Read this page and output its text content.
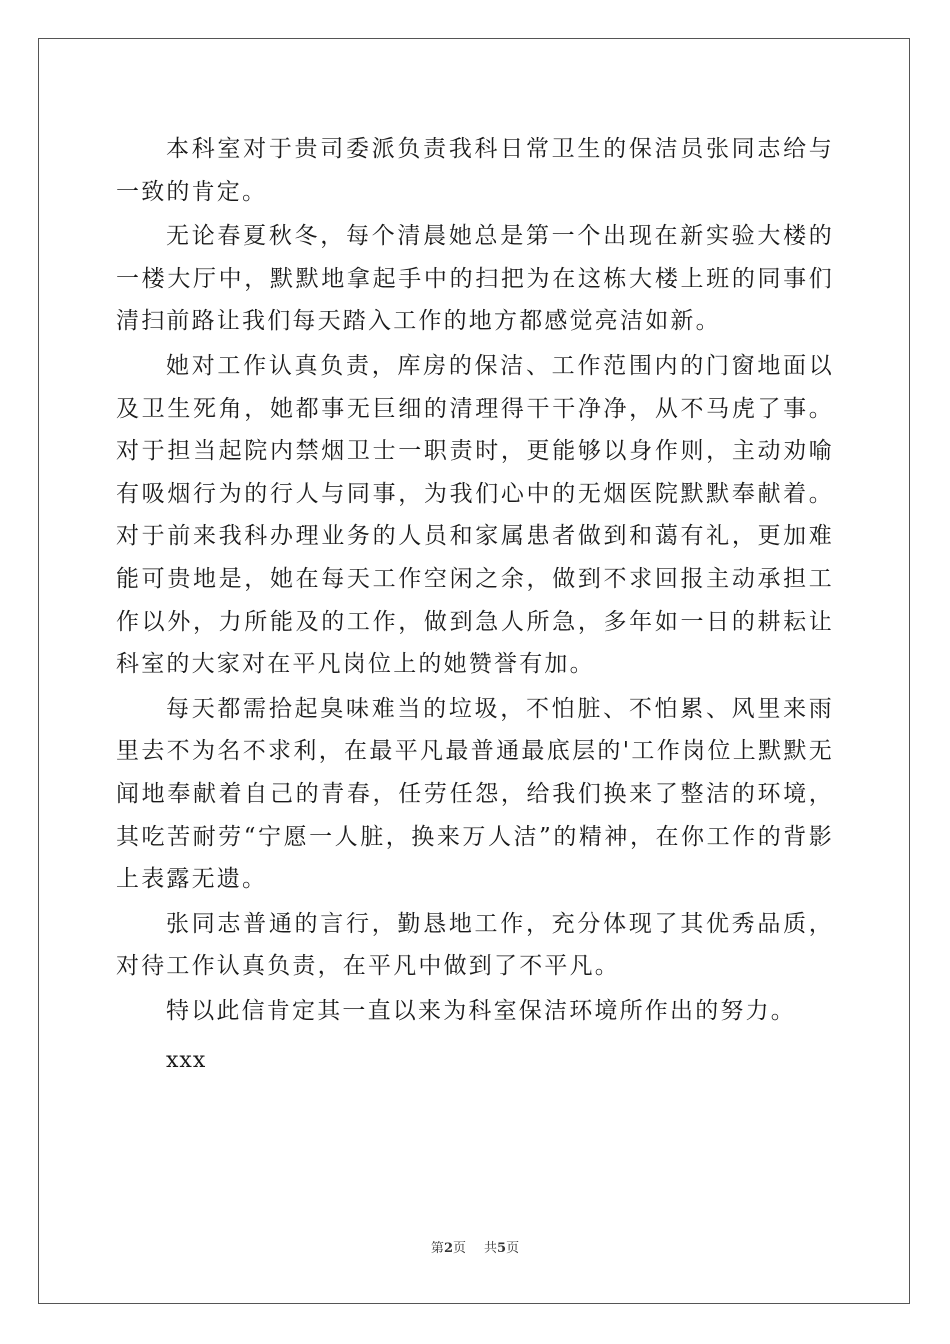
本科室对于贵司委派负责我科日常卫生的保洁员张同志给与一致的肯定。

无论春夏秋冬，每个清晨她总是第一个出现在新实验大楼的一楼大厅中，默默地拿起手中的扫把为在这栋大楼上班的同事们清扫前路让我们每天踏入工作的地方都感觉亮洁如新。

她对工作认真负责，库房的保洁、工作范围内的门窗地面以及卫生死角，她都事无巨细的清理得干干净净，从不马虎了事。对于担当起院内禁烟卫士一职责时，更能够以身作则，主动劝喻有吸烟行为的行人与同事，为我们心中的无烟医院默默奉献着。对于前来我科办理业务的人员和家属患者做到和蔼有礼，更加难能可贵地是，她在每天工作空闲之余，做到不求回报主动承担工作以外，力所能及的工作，做到急人所急，多年如一日的耕耘让科室的大家对在平凡岗位上的她赞誉有加。

每天都需拾起臭味难当的垃圾，不怕脏、不怕累、风里来雨里去不为名不求利，在最平凡最普通最底层的'工作岗位上默默无闻地奉献着自己的青春，任劳任怨，给我们换来了整洁的环境，其吃苦耐劳“宁愿一人脏，换来万人洁”的精神，在你工作的背影上表露无遗。

张同志普通的言行，勤恳地工作，充分体现了其优秀品质，对待工作认真负责，在平凡中做到了不平凡。

特以此信肯定其一直以来为科室保洁环境所作出的努力。

xxx

第2页 共5页
